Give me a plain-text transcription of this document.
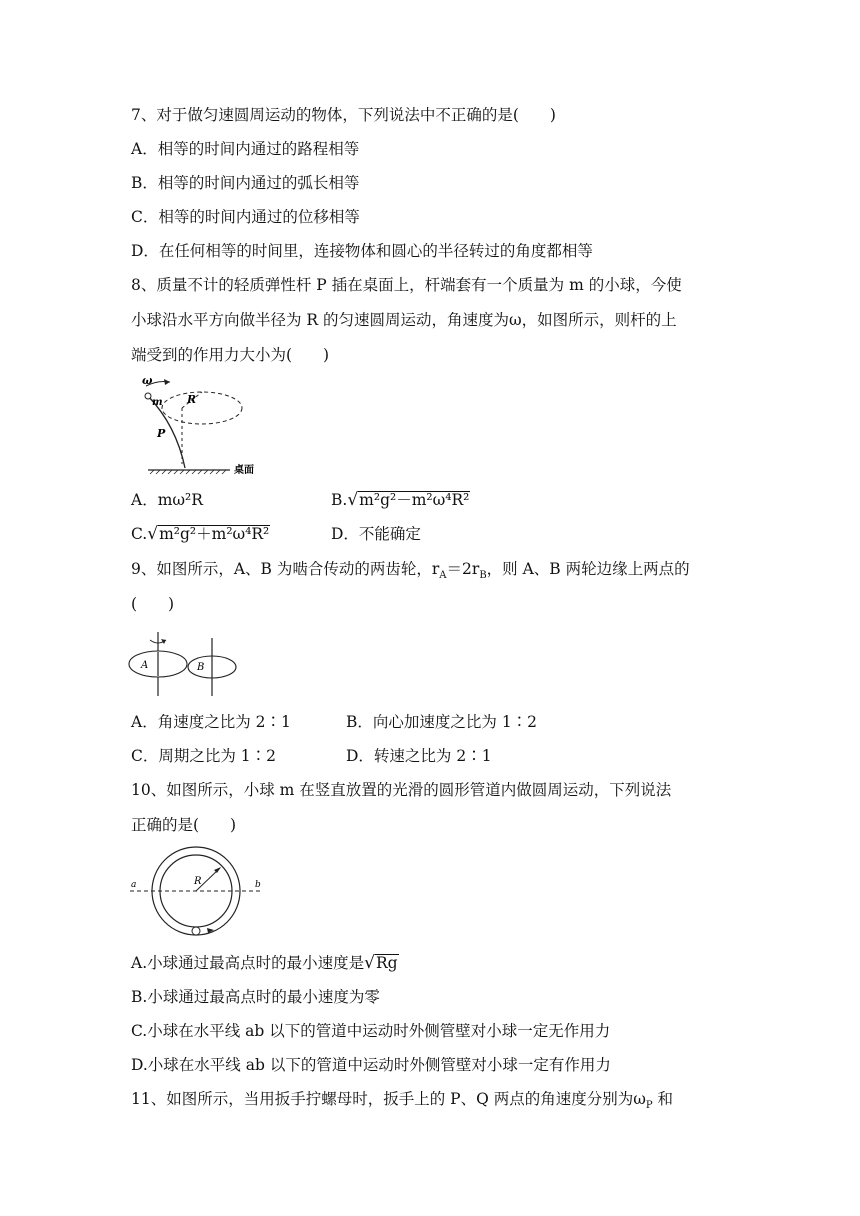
7、对于做匀速圆周运动的物体，下列说法中不正确的是(　　)
A．相等的时间内通过的路程相等
B．相等的时间内通过的弧长相等
C．相等的时间内通过的位移相等
D．在任何相等的时间里，连接物体和圆心的半径转过的角度都相等
8、质量不计的轻质弹性杆 P 插在桌面上，杆端套有一个质量为 m 的小球，今使
小球沿水平方向做半径为 R 的匀速圆周运动，角速度为ω，如图所示，则杆的上
端受到的作用力大小为(　　)
ω
m R
P
桌面
A．mω²R	B.√m²g²－m²ω⁴R²
C.√m²g²＋m²ω⁴R²	D．不能确定
9、如图所示，A、B 为啮合传动的两齿轮，$r_A=2r_B$，则 A、B 两轮边缘上两点的
(　　)
A	B
A．角速度之比为 2∶1	B．向心加速度之比为 1∶2
C．周期之比为 1∶2	D．转速之比为 2∶1
10、如图所示，小球 m 在竖直放置的光滑的圆形管道内做圆周运动，下列说法
正确的是(　　)
a	b
R
A.小球通过最高点时的最小速度是√Rg
B.小球通过最高点时的最小速度为零
C.小球在水平线 ab 以下的管道中运动时外侧管壁对小球一定无作用力
D.小球在水平线 ab 以下的管道中运动时外侧管壁对小球一定有作用力
11、如图所示，当用扳手拧螺母时，扳手上的 P、Q 两点的角速度分别为$\omega_P$ 和
